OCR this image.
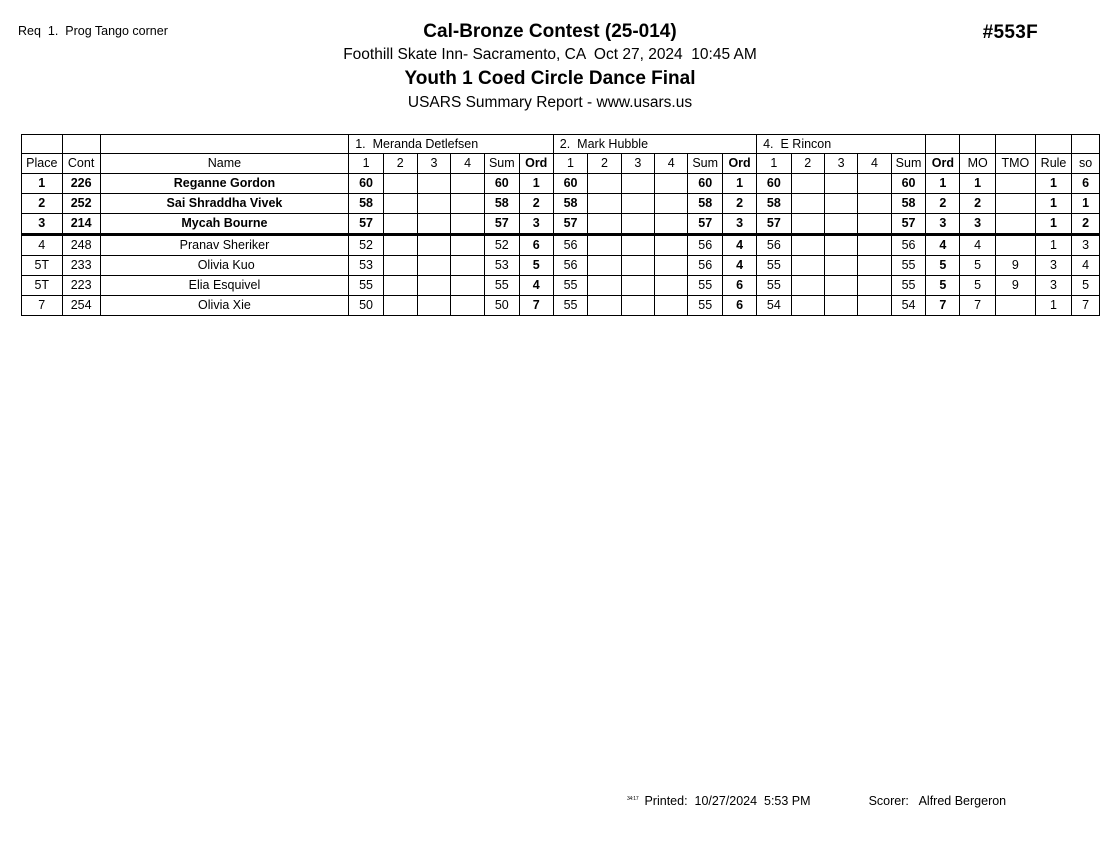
Req  1.  Prog Tango corner	#553F
Cal-Bronze Contest (25-014)
Foothill Skate Inn- Sacramento, CA  Oct 27, 2024  10:45 AM
Youth 1 Coed Circle Dance Final
USARS Summary Report - www.usars.us
			1.  Meranda Detlefsen						2.  Mark Hubble						4.  E Rincon									
Place	Cont	Name	1	2	3	4	Sum	Ord	1	2	3	4	Sum	Ord	1	2	3	4	Sum	Ord	MO	TMO	Rule	so
1	226	Reganne Gordon	60				60	1	60				60	1	60				60	1	1		1	6
2	252	Sai Shraddha Vivek	58				58	2	58				58	2	58				58	2	2		1	1
3	214	Mycah Bourne	57				57	3	57				57	3	57				57	3	3		1	2
4	248	Pranav Sheriker	52				52	6	56				56	4	56				56	4	4		1	3
5T	233	Olivia Kuo	53				53	5	56				56	4	55				55	5	5	9	3	4
5T	223	Elia Esquivel	55				55	4	55				55	6	55				55	5	5	9	3	5
7	254	Olivia Xie	50				50	7	55				55	6	54				54	7	7		1	7

$^{34:17}$ Printed:  10/27/2024  5:53 PM	Scorer:   Alfred Bergeron
